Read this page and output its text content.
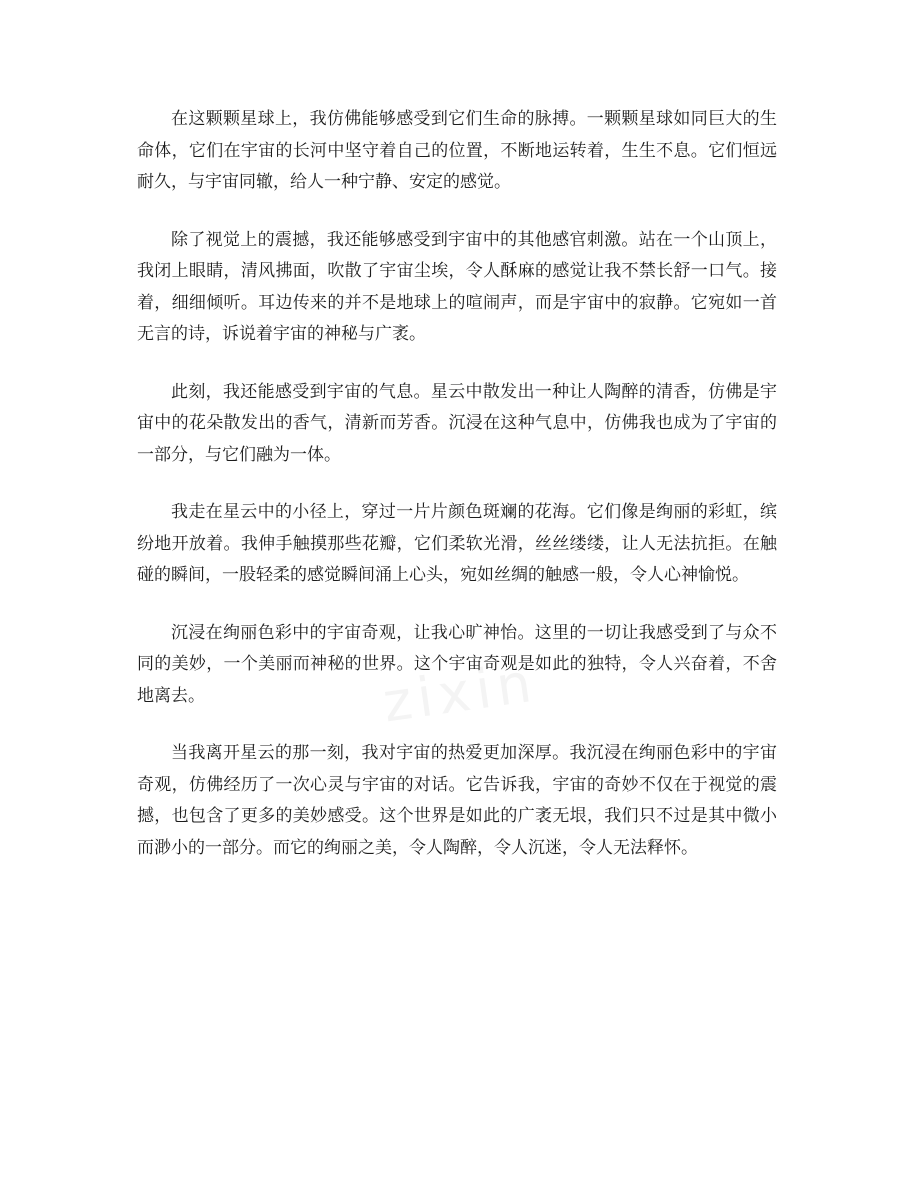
在这颗颗星球上，我仿佛能够感受到它们生命的脉搏。一颗颗星球如同巨大的生命体，它们在宇宙的长河中坚守着自己的位置，不断地运转着，生生不息。它们恒远耐久，与宇宙同辙，给人一种宁静、安定的感觉。

除了视觉上的震撼，我还能够感受到宇宙中的其他感官刺激。站在一个山顶上，我闭上眼睛，清风拂面，吹散了宇宙尘埃，令人酥麻的感觉让我不禁长舒一口气。接着，细细倾听。耳边传来的并不是地球上的喧闹声，而是宇宙中的寂静。它宛如一首无言的诗，诉说着宇宙的神秘与广袤。

此刻，我还能感受到宇宙的气息。星云中散发出一种让人陶醉的清香，仿佛是宇宙中的花朵散发出的香气，清新而芳香。沉浸在这种气息中，仿佛我也成为了宇宙的一部分，与它们融为一体。

我走在星云中的小径上，穿过一片片颜色斑斓的花海。它们像是绚丽的彩虹，缤纷地开放着。我伸手触摸那些花瓣，它们柔软光滑，丝丝缕缕，让人无法抗拒。在触碰的瞬间，一股轻柔的感觉瞬间涌上心头，宛如丝绸的触感一般，令人心神愉悦。

沉浸在绚丽色彩中的宇宙奇观，让我心旷神怡。这里的一切让我感受到了与众不同的美妙，一个美丽而神秘的世界。这个宇宙奇观是如此的独特，令人兴奋着，不舍地离去。

当我离开星云的那一刻，我对宇宙的热爱更加深厚。我沉浸在绚丽色彩中的宇宙奇观，仿佛经历了一次心灵与宇宙的对话。它告诉我，宇宙的奇妙不仅在于视觉的震撼，也包含了更多的美妙感受。这个世界是如此的广袤无垠，我们只不过是其中微小而渺小的一部分。而它的绚丽之美，令人陶醉，令人沉迷，令人无法释怀。

zixin
